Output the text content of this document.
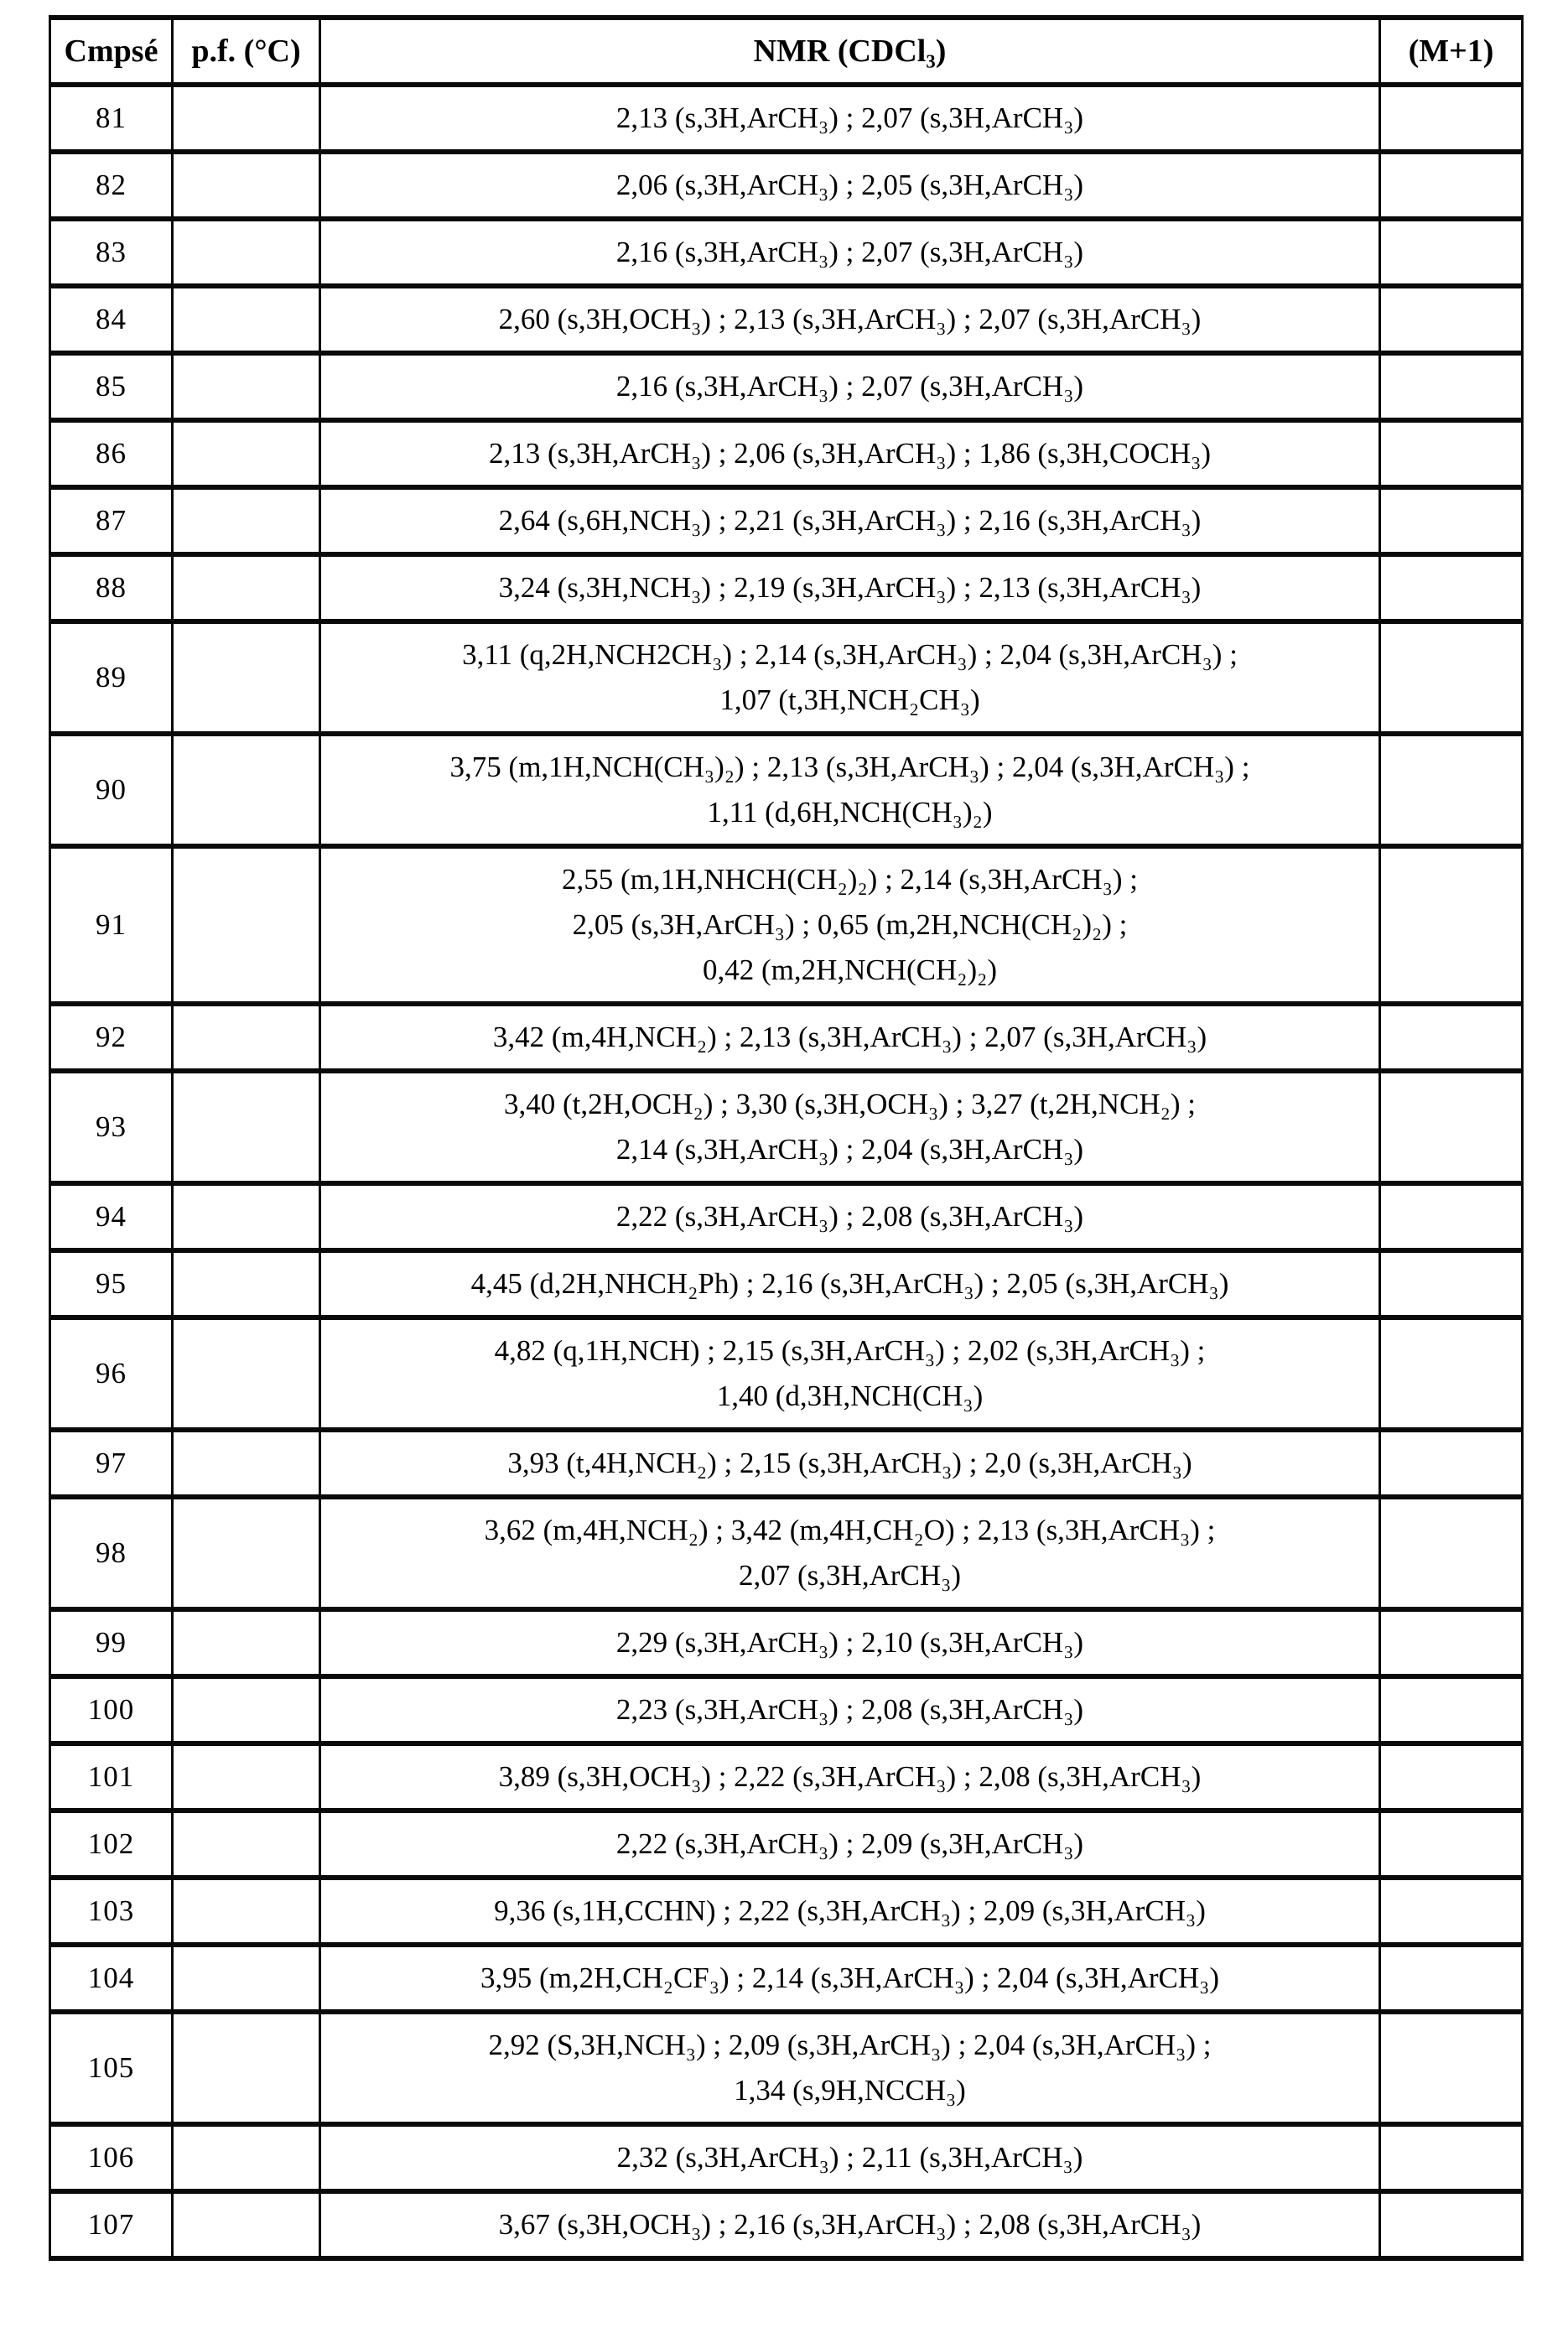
Cmpsé	p.f. (°C)	NMR (CDCl₃)	(M+1)
81		2,13 (s,3H,ArCH₃) ; 2,07 (s,3H,ArCH₃)	
82		2,06 (s,3H,ArCH₃) ; 2,05 (s,3H,ArCH₃)	
83		2,16 (s,3H,ArCH₃) ; 2,07 (s,3H,ArCH₃)	
84		2,60 (s,3H,OCH₃) ; 2,13 (s,3H,ArCH₃) ; 2,07 (s,3H,ArCH₃)	
85		2,16 (s,3H,ArCH₃) ; 2,07 (s,3H,ArCH₃)	
86		2,13 (s,3H,ArCH₃) ; 2,06 (s,3H,ArCH₃) ; 1,86 (s,3H,COCH₃)	
87		2,64 (s,6H,NCH₃) ; 2,21 (s,3H,ArCH₃) ; 2,16 (s,3H,ArCH₃)	
88		3,24 (s,3H,NCH₃) ; 2,19 (s,3H,ArCH₃) ; 2,13 (s,3H,ArCH₃)	
89		3,11 (q,2H,NCH2CH₃) ; 2,14 (s,3H,ArCH₃) ; 2,04 (s,3H,ArCH₃) ;
1,07 (t,3H,NCH₂CH₃)	
90		3,75 (m,1H,NCH(CH₃)₂) ; 2,13 (s,3H,ArCH₃) ; 2,04 (s,3H,ArCH₃) ;
1,11 (d,6H,NCH(CH₃)₂)	
91		2,55 (m,1H,NHCH(CH₂)₂) ; 2,14 (s,3H,ArCH₃) ;
2,05 (s,3H,ArCH₃) ; 0,65 (m,2H,NCH(CH₂)₂) ;
0,42 (m,2H,NCH(CH₂)₂)	
92		3,42 (m,4H,NCH₂) ; 2,13 (s,3H,ArCH₃) ; 2,07 (s,3H,ArCH₃)	
93		3,40 (t,2H,OCH₂) ; 3,30 (s,3H,OCH₃) ; 3,27 (t,2H,NCH₂) ;
2,14 (s,3H,ArCH₃) ; 2,04 (s,3H,ArCH₃)	
94		2,22 (s,3H,ArCH₃) ; 2,08 (s,3H,ArCH₃)	
95		4,45 (d,2H,NHCH₂Ph) ; 2,16 (s,3H,ArCH₃) ; 2,05 (s,3H,ArCH₃)	
96		4,82 (q,1H,NCH) ; 2,15 (s,3H,ArCH₃) ; 2,02 (s,3H,ArCH₃) ;
1,40 (d,3H,NCH(CH₃)	
97		3,93 (t,4H,NCH₂) ; 2,15 (s,3H,ArCH₃) ; 2,0 (s,3H,ArCH₃)	
98		3,62 (m,4H,NCH₂) ; 3,42 (m,4H,CH₂O) ; 2,13 (s,3H,ArCH₃) ;
2,07 (s,3H,ArCH₃)	
99		2,29 (s,3H,ArCH₃) ; 2,10 (s,3H,ArCH₃)	
100		2,23 (s,3H,ArCH₃) ; 2,08 (s,3H,ArCH₃)	
101		3,89 (s,3H,OCH₃) ; 2,22 (s,3H,ArCH₃) ; 2,08 (s,3H,ArCH₃)	
102		2,22 (s,3H,ArCH₃) ; 2,09 (s,3H,ArCH₃)	
103		9,36 (s,1H,CCHN) ; 2,22 (s,3H,ArCH₃) ; 2,09 (s,3H,ArCH₃)	
104		3,95 (m,2H,CH₂CF₃) ; 2,14 (s,3H,ArCH₃) ; 2,04 (s,3H,ArCH₃)	
105		2,92 (S,3H,NCH₃) ; 2,09 (s,3H,ArCH₃) ; 2,04 (s,3H,ArCH₃) ;
1,34 (s,9H,NCCH₃)	
106		2,32 (s,3H,ArCH₃) ; 2,11 (s,3H,ArCH₃)	
107		3,67 (s,3H,OCH₃) ; 2,16 (s,3H,ArCH₃) ; 2,08 (s,3H,ArCH₃)	
